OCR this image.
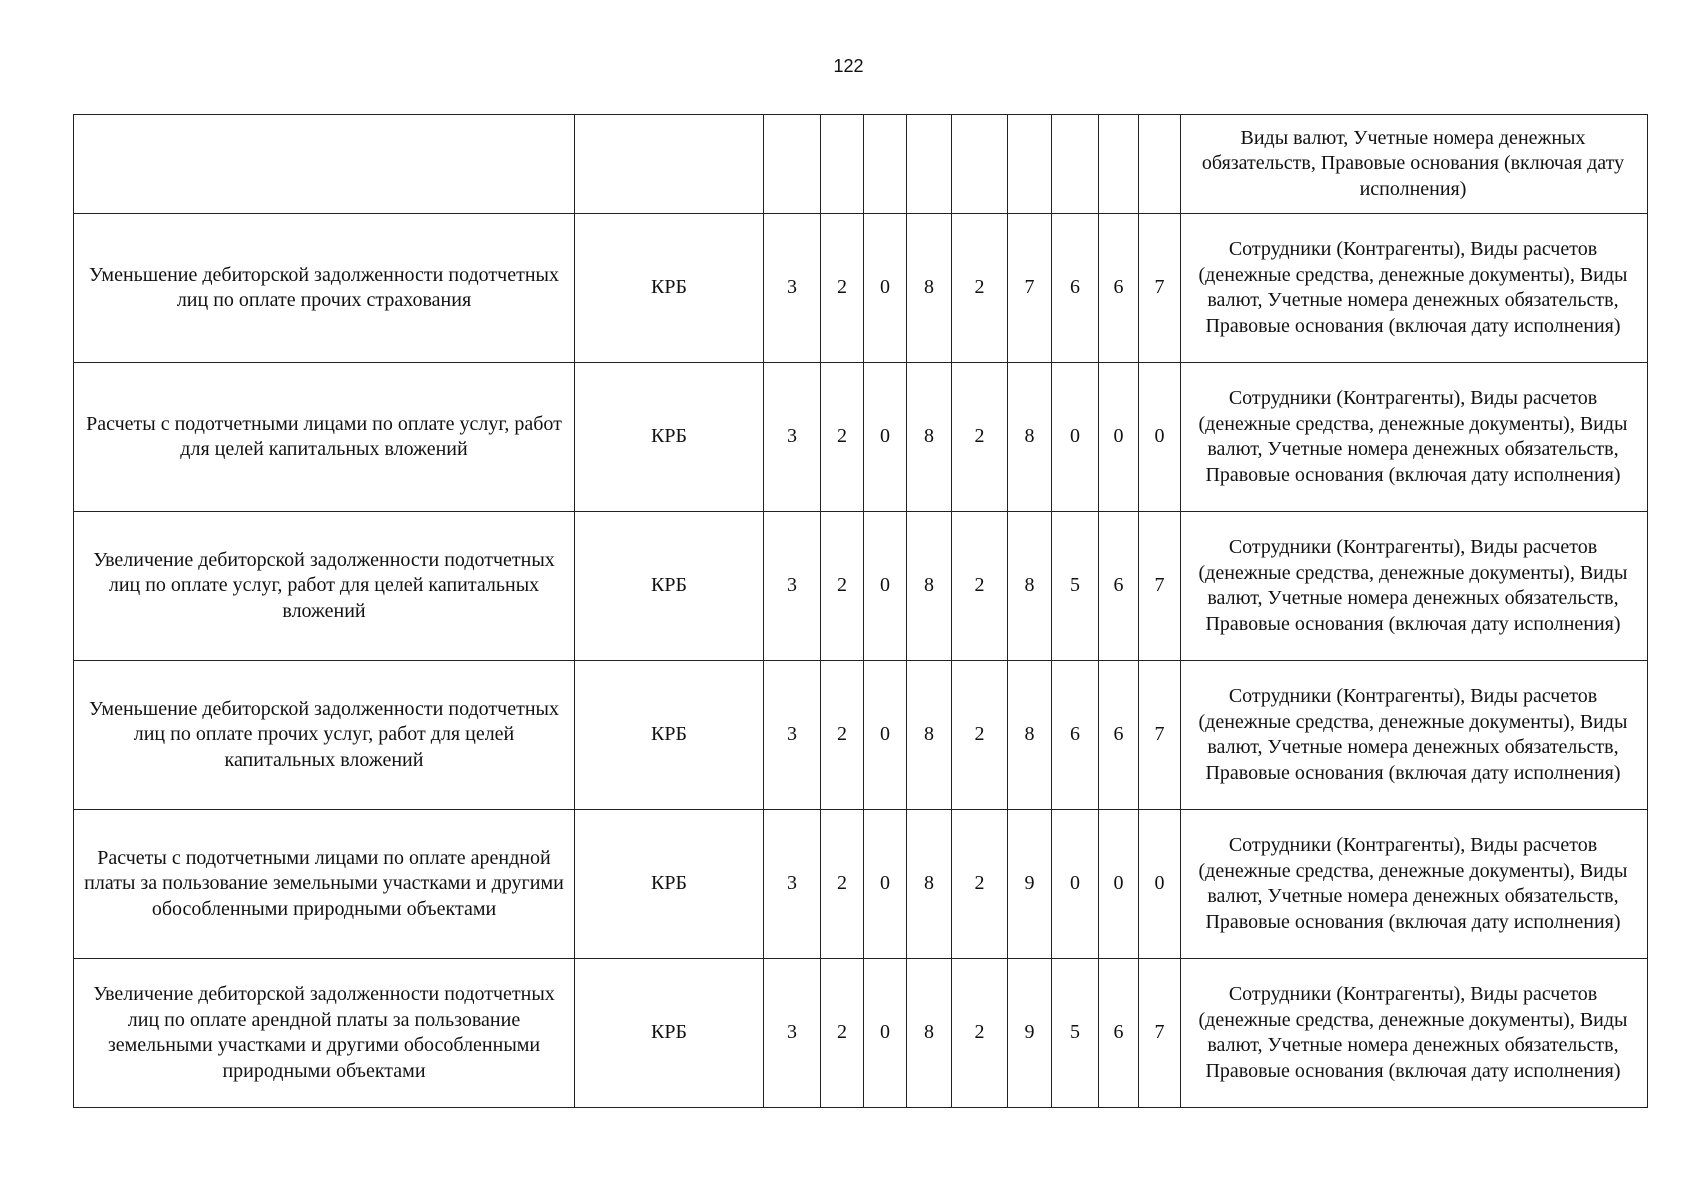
122
											Виды валют, Учетные номера денежных обязательств, Правовые основания (включая дату исполнения)
Уменьшение дебиторской задолженности подотчетных лиц по оплате прочих страхования	КРБ	3	2	0	8	2	7	6	6	7	Сотрудники (Контрагенты), Виды расчетов (денежные средства, денежные документы), Виды валют, Учетные номера денежных обязательств, Правовые основания (включая дату исполнения)
Расчеты с подотчетными лицами по оплате услуг, работ для целей капитальных вложений	КРБ	3	2	0	8	2	8	0	0	0	Сотрудники (Контрагенты), Виды расчетов (денежные средства, денежные документы), Виды валют, Учетные номера денежных обязательств, Правовые основания (включая дату исполнения)
Увеличение дебиторской задолженности подотчетных лиц по оплате услуг, работ для целей капитальных вложений	КРБ	3	2	0	8	2	8	5	6	7	Сотрудники (Контрагенты), Виды расчетов (денежные средства, денежные документы), Виды валют, Учетные номера денежных обязательств, Правовые основания (включая дату исполнения)
Уменьшение дебиторской задолженности подотчетных лиц по оплате прочих услуг, работ для целей капитальных вложений	КРБ	3	2	0	8	2	8	6	6	7	Сотрудники (Контрагенты), Виды расчетов (денежные средства, денежные документы), Виды валют, Учетные номера денежных обязательств, Правовые основания (включая дату исполнения)
Расчеты с подотчетными лицами по оплате арендной платы за пользование земельными участками и другими обособленными природными объектами	КРБ	3	2	0	8	2	9	0	0	0	Сотрудники (Контрагенты), Виды расчетов (денежные средства, денежные документы), Виды валют, Учетные номера денежных обязательств, Правовые основания (включая дату исполнения)
Увеличение дебиторской задолженности подотчетных лиц по оплате арендной платы за пользование земельными участками и другими обособленными природными объектами	КРБ	3	2	0	8	2	9	5	6	7	Сотрудники (Контрагенты), Виды расчетов (денежные средства, денежные документы), Виды валют, Учетные номера денежных обязательств, Правовые основания (включая дату исполнения)
